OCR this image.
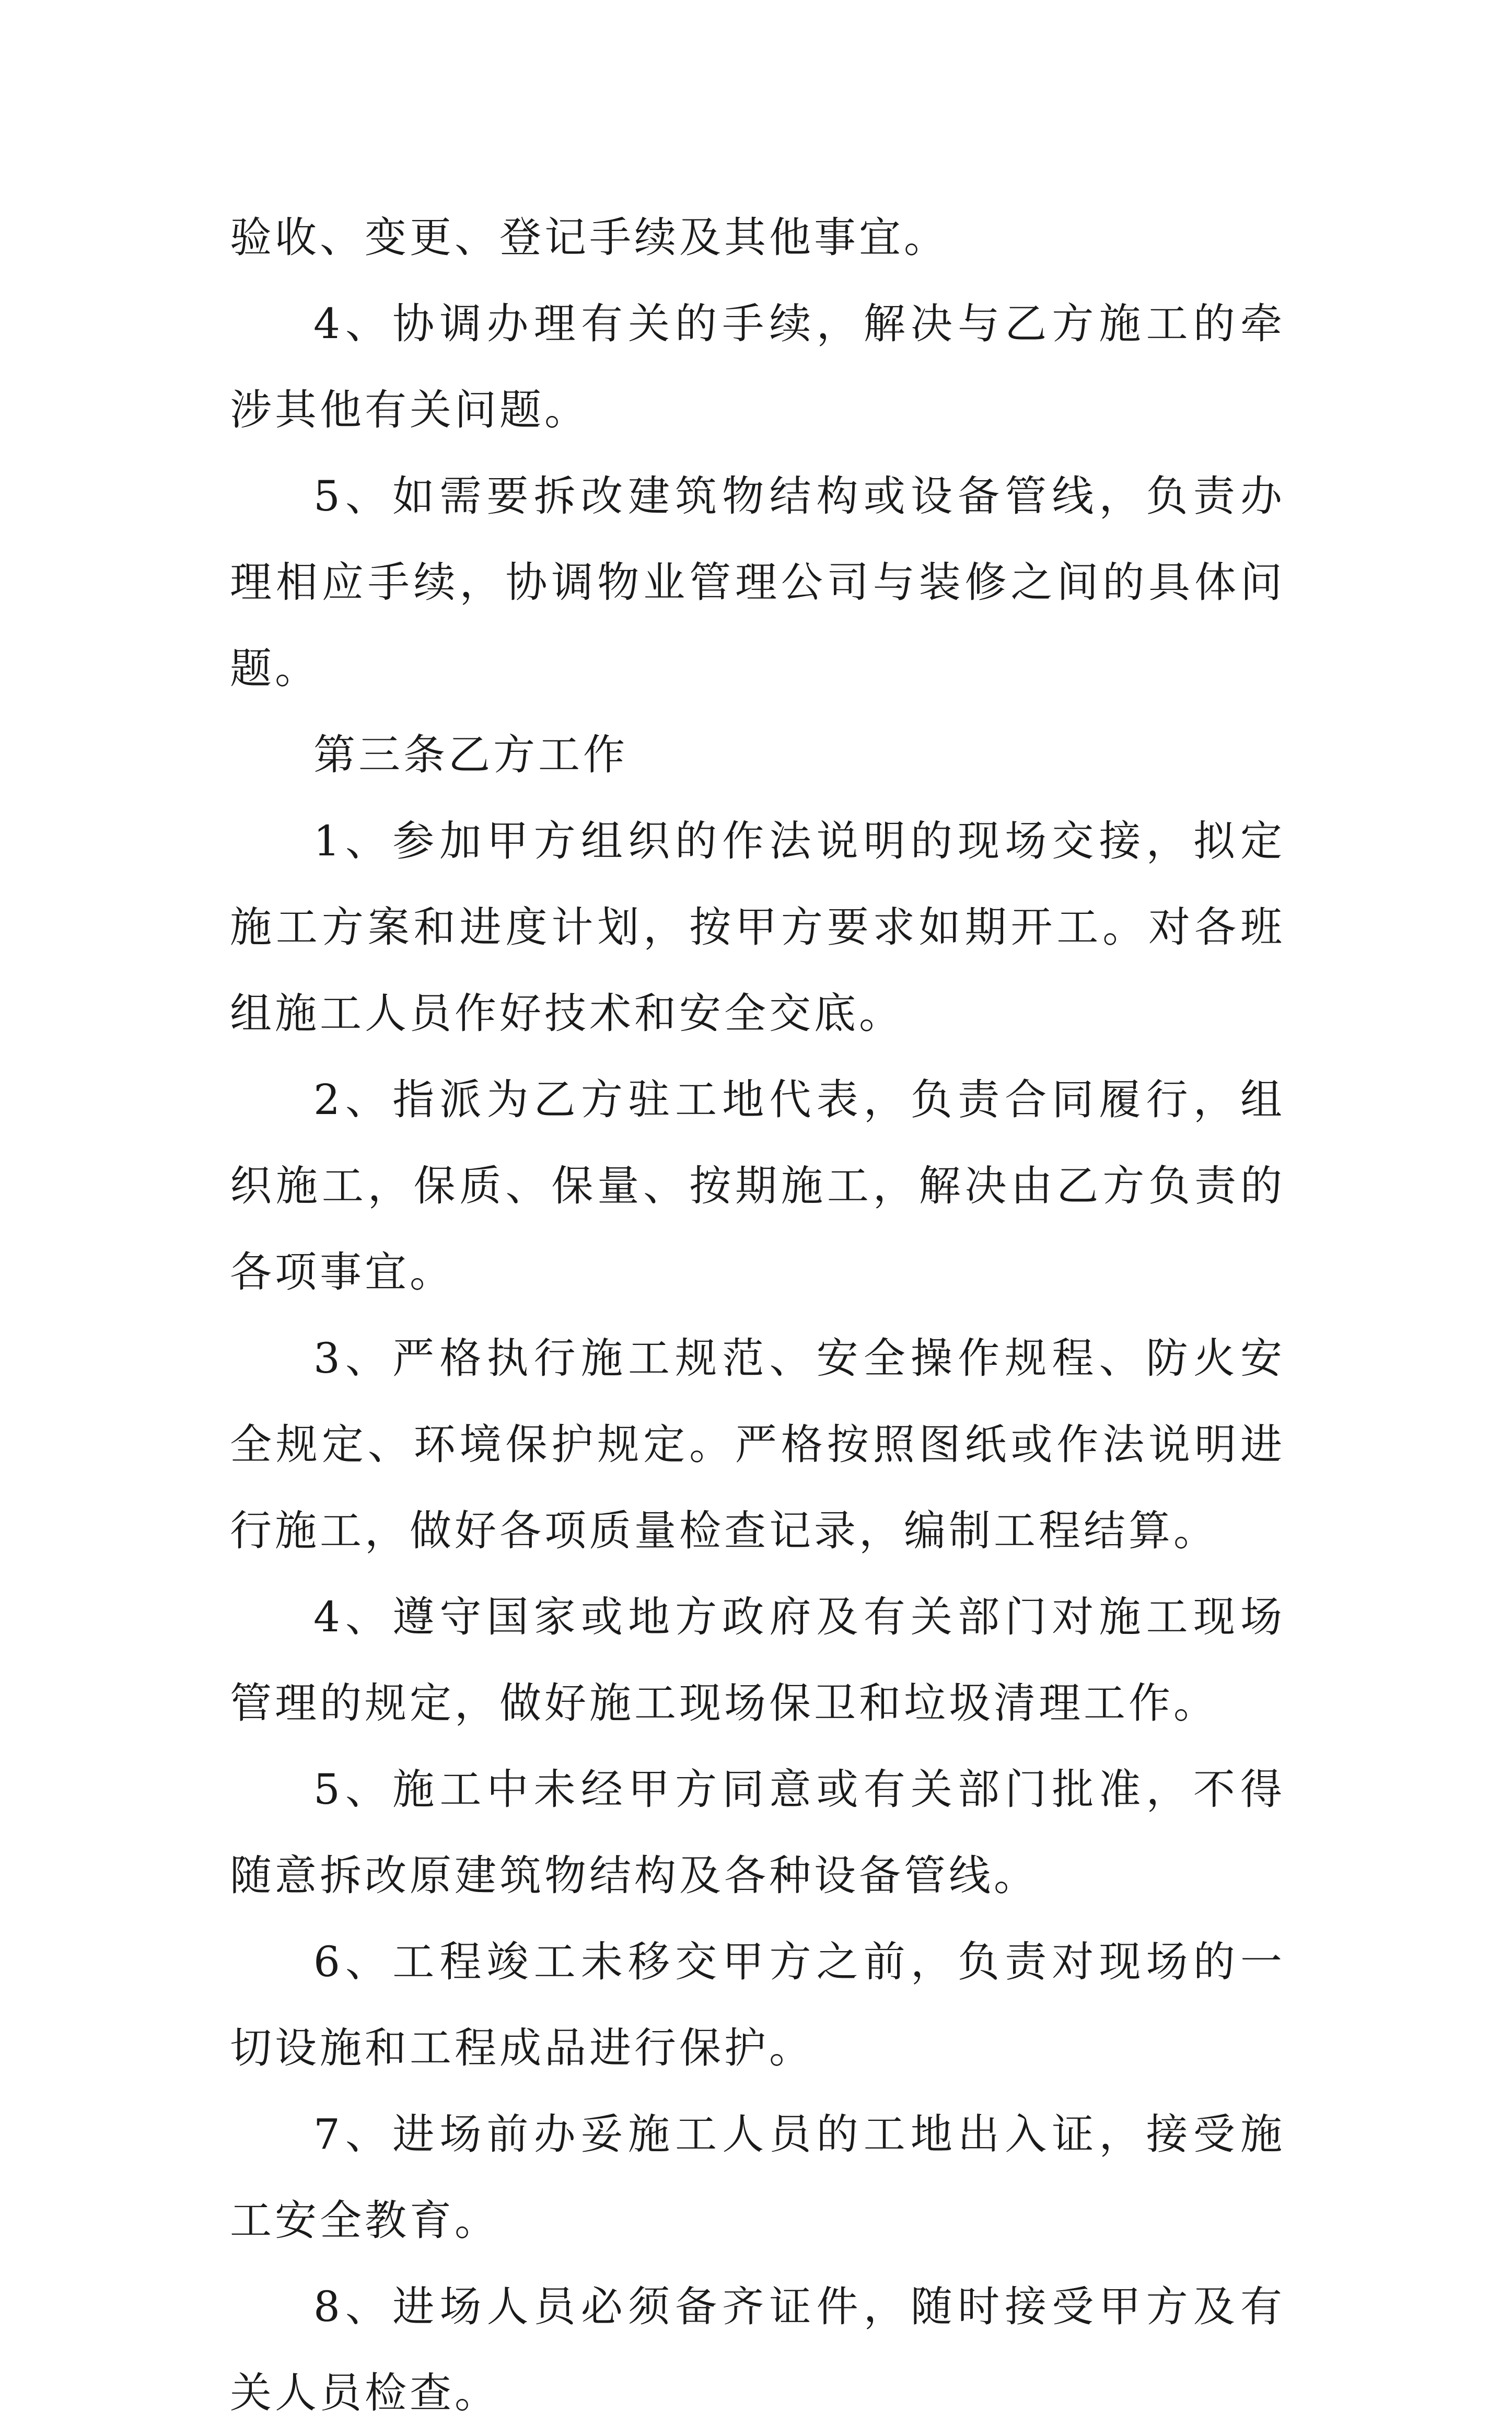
验收、变更、登记手续及其他事宜。

4、协调办理有关的手续，解决与乙方施工的牵涉其他有关问题。

5、如需要拆改建筑物结构或设备管线，负责办理相应手续，协调物业管理公司与装修之间的具体问题。

第三条乙方工作

1、参加甲方组织的作法说明的现场交接，拟定施工方案和进度计划，按甲方要求如期开工。对各班组施工人员作好技术和安全交底。

2、指派为乙方驻工地代表，负责合同履行，组织施工，保质、保量、按期施工，解决由乙方负责的各项事宜。

3、严格执行施工规范、安全操作规程、防火安全规定、环境保护规定。严格按照图纸或作法说明进行施工，做好各项质量检查记录，编制工程结算。

4、遵守国家或地方政府及有关部门对施工现场管理的规定，做好施工现场保卫和垃圾清理工作。

5、施工中未经甲方同意或有关部门批准，不得随意拆改原建筑物结构及各种设备管线。

6、工程竣工未移交甲方之前，负责对现场的一切设施和工程成品进行保护。

7、进场前办妥施工人员的工地出入证，接受施工安全教育。

8、进场人员必须备齐证件，随时接受甲方及有关人员检查。
